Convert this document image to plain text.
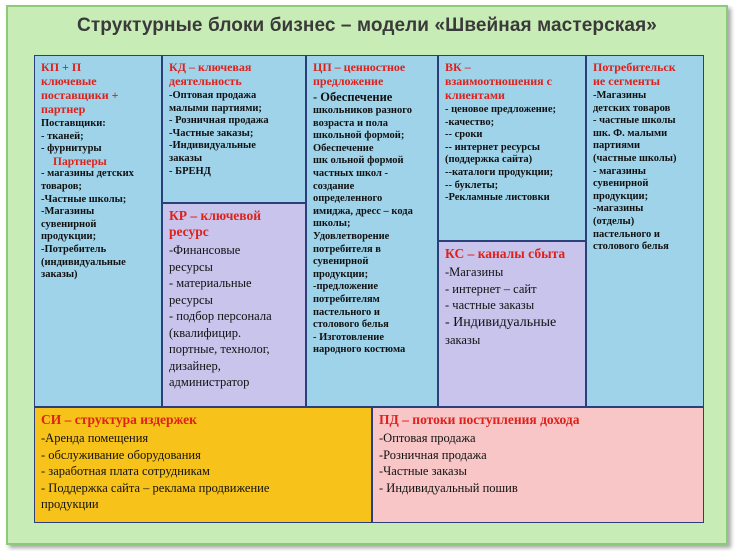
Структурные блоки бизнес – модели «Швейная мастерская»
КП + П
ключевые
поставщики +
партнер
Поставщики:
- тканей;
- фурнитуры
Партнеры
- магазины детских
товаров;
-Частные школы;
-Магазины
сувенирной
продукции;
-Потребитель
(индивидуальные
заказы)
КД – ключевая
деятельность
-Оптовая продажа
малыми партиями;
- Розничная продажа
-Частные заказы;
-Индивидуальные
заказы
- БРЕНД
КР – ключевой
ресурс
-Финансовые
ресурсы
- материальные
ресурсы
- подбор персонала
(квалифицир.
портные, технолог,
дизайнер,
администратор
ЦП – ценностное
предложение
- Обеспечение
школьников разного
возраста и пола
школьной формой;
Обеспечение
шк ольной формой
частных школ -
создание
определенного
имиджа, дресс – кода
школы;
Удовлетворение
потребителя в
сувенирной
продукции;
-предложение
потребителям
пастельного и
столового белья
- Изготовление
народного костюма
ВК –
взаимоотношения с
клиентами
- ценовое предложение;
-качество;
-- сроки
-- интернет ресурсы
(поддержка сайта)
--каталоги продукции;
-- буклеты;
-Рекламные листовки
КС – каналы сбыта
-Магазины
- интернет – сайт
- частные заказы
- Индивидуальные
заказы
Потребительск
ие сегменты
-Магазины
детских товаров
- частные школы
шк. Ф. малыми
партиями
(частные школы)
- магазины
сувенирной
продукции;
-магазины
(отделы)
пастельного и
столового белья
СИ – структура издержек
-Аренда помещения
- обслуживание оборудования
- заработная плата сотрудникам
- Поддержка сайта – реклама продвижение
продукции
ПД – потоки поступления дохода
-Оптовая продажа
-Розничная продажа
-Частные заказы
- Индивидуальный пошив
